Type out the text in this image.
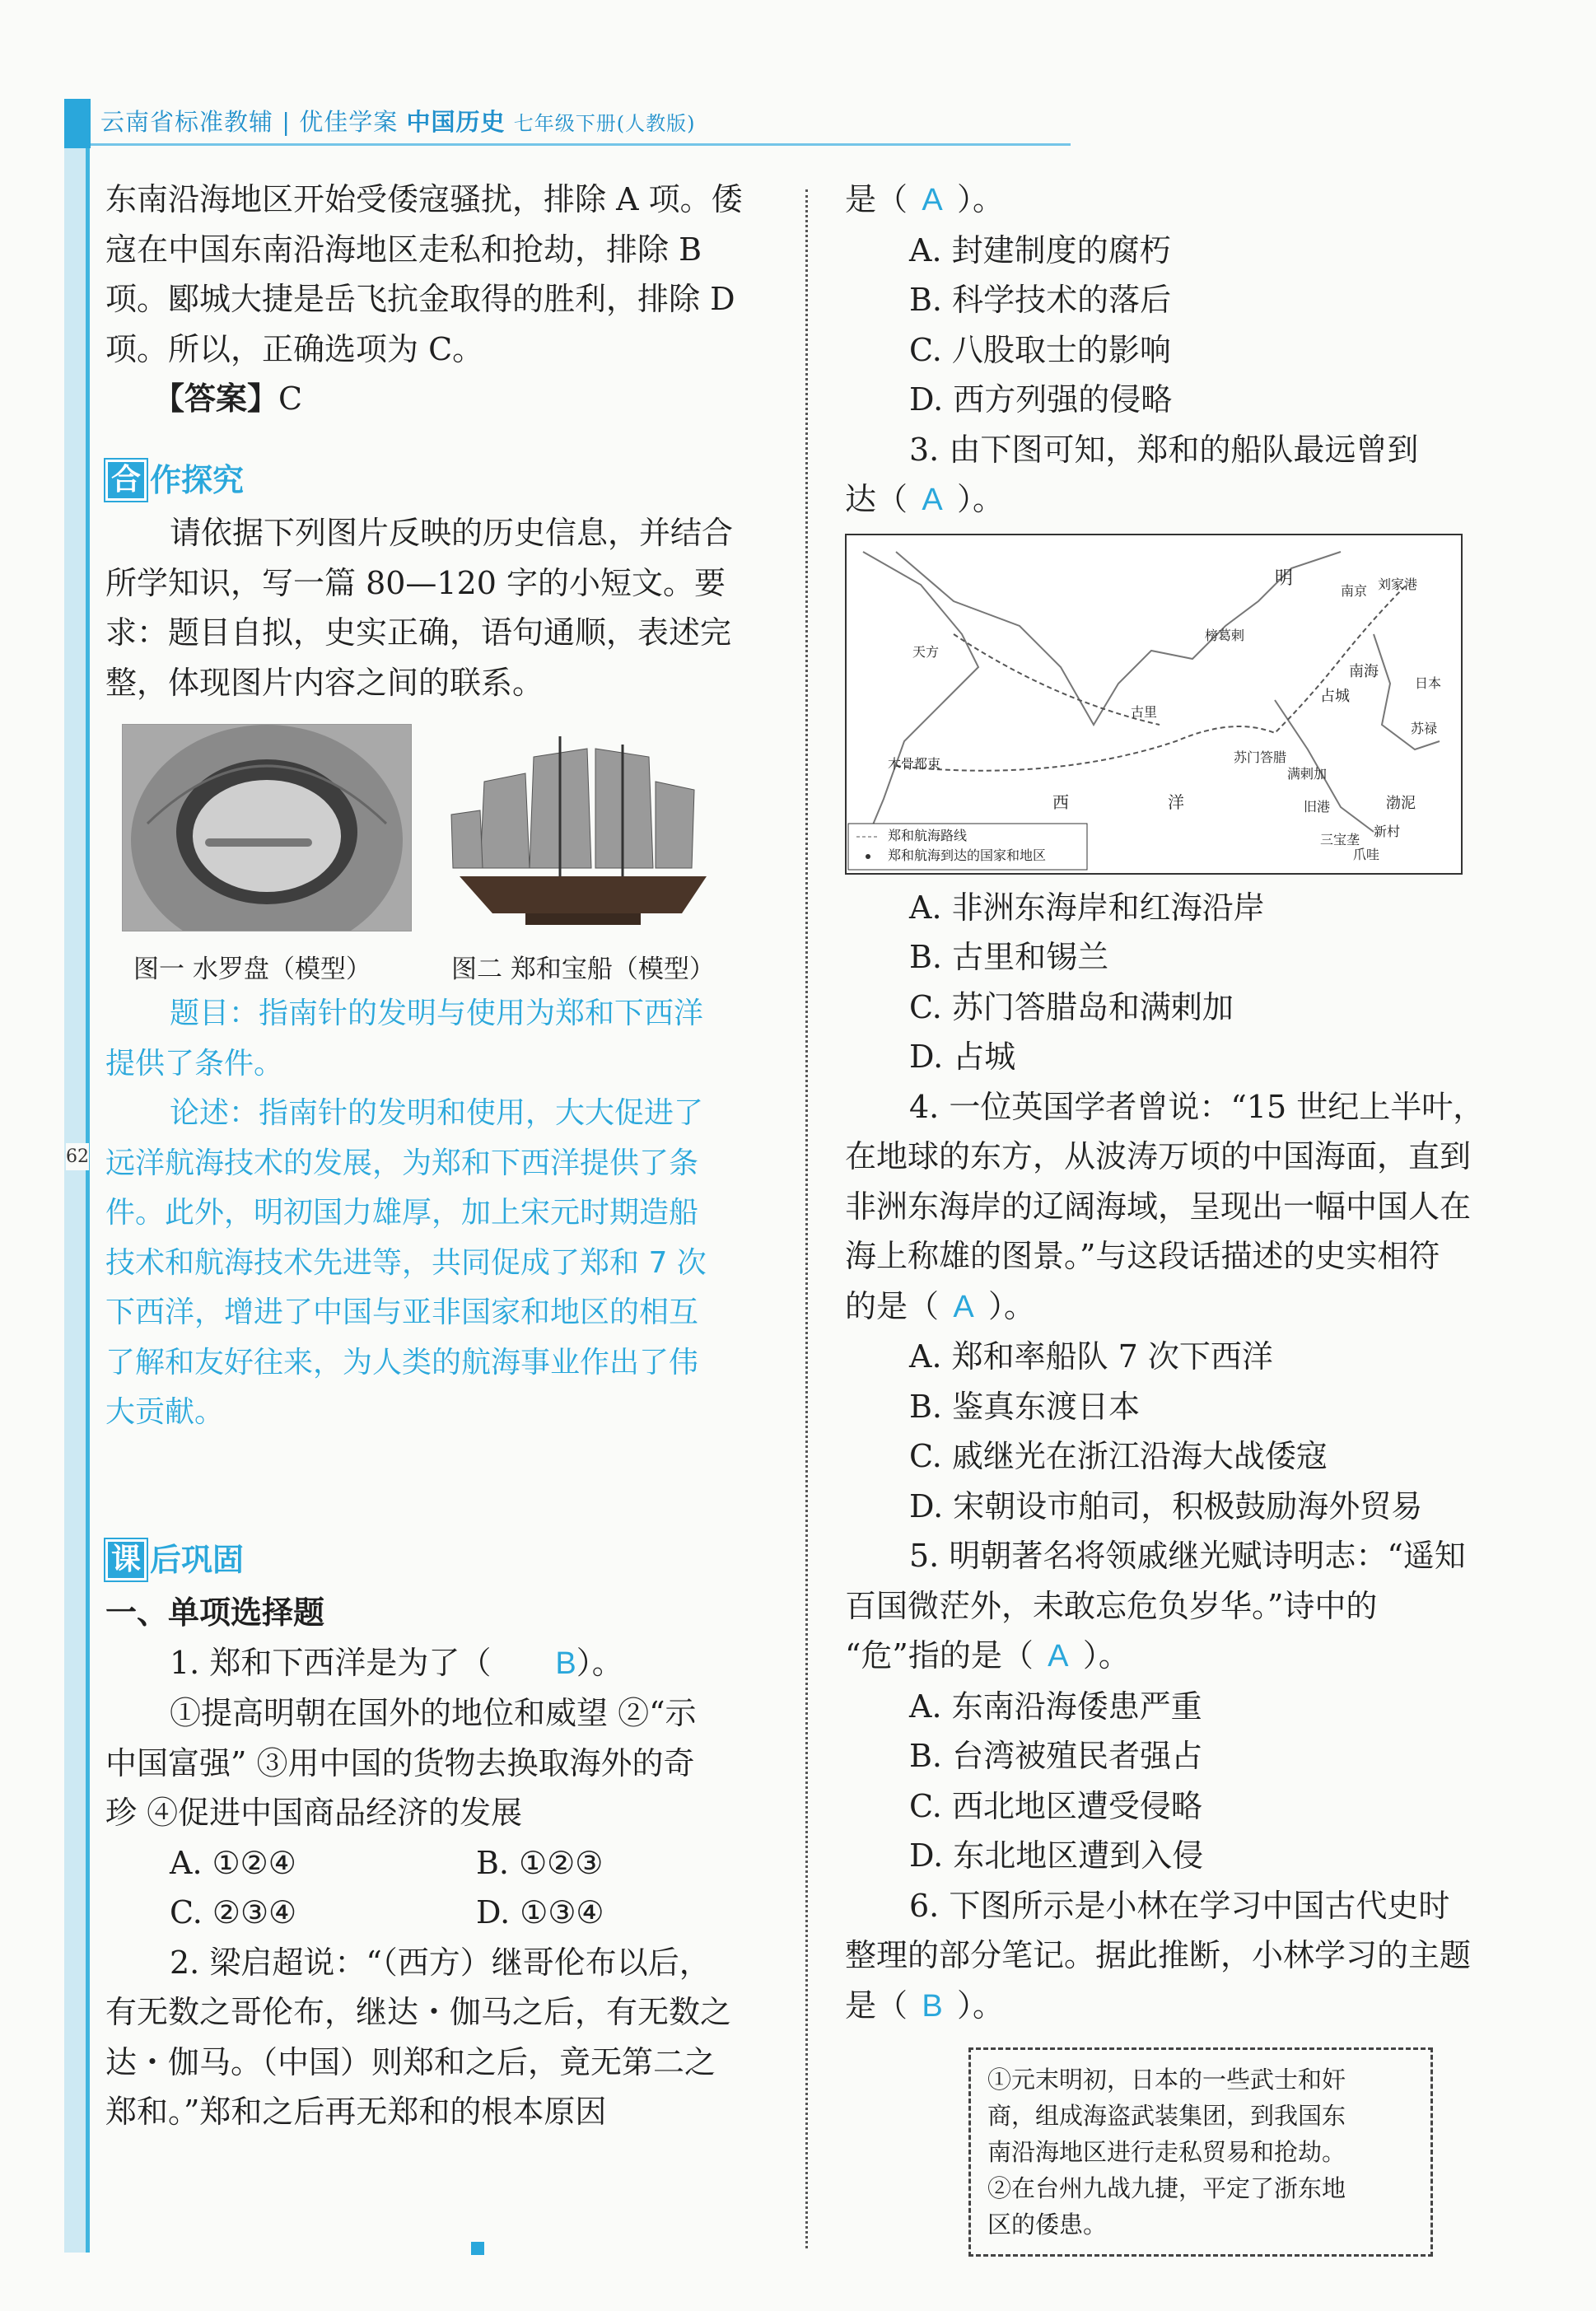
云南省标准教辅 | 优佳学案 中国历史 七年级下册(人教版)
62

东南沿海地区开始受倭寇骚扰，排除 A 项。倭

寇在中国东南沿海地区走私和抢劫，排除 B

项。郾城大捷是岳飞抗金取得的胜利，排除 D

项。所以，正确选项为 C。

【答案】C

合 作探究

请依据下列图片反映的历史信息，并结合

所学知识，写一篇 80—120 字的小短文。要

求：题目自拟，史实正确，语句通顺，表述完

整，体现图片内容之间的联系。

图一 水罗盘（模型）	图二 郑和宝船（模型）

题目：指南针的发明与使用为郑和下西洋

提供了条件。

论述：指南针的发明和使用，大大促进了

远洋航海技术的发展，为郑和下西洋提供了条

件。此外，明初国力雄厚，加上宋元时期造船

技术和航海技术先进等，共同促成了郑和 7 次

下西洋，增进了中国与亚非国家和地区的相互

了解和友好往来，为人类的航海事业作出了伟

大贡献。

课 后巩固

一、单项选择题

1. 郑和下西洋是为了（ B）。

①提高明朝在国外的地位和威望 ②“示

中国富强” ③用中国的货物去换取海外的奇

珍 ④促进中国商品经济的发展

A. ①②④	B. ①②③

C. ②③④	D. ①③④

2. 梁启超说：“（西方）继哥伦布以后，

有无数之哥伦布，继达・伽马之后，有无数之

达・伽马。（中国）则郑和之后，竟无第二之

郑和。”郑和之后再无郑和的根本原因

是（ A ）。

A. 封建制度的腐朽

B. 科学技术的落后

C. 八股取士的影响

D. 西方列强的侵略

3. 由下图可知，郑和的船队最远曾到

达（ A ）。

明
南京 刘家港
天方
古里
榜葛剌
占城
苏门答腊
满剌加
木骨都束
西	洋
南海
日本
渤泥
三宝垄
新村
爪哇
苏禄
旧港
郑和航海路线
郑和航海到达的国家和地区

A. 非洲东海岸和红海沿岸

B. 古里和锡兰

C. 苏门答腊岛和满剌加

D. 占城

4. 一位英国学者曾说：“15 世纪上半叶，

在地球的东方，从波涛万顷的中国海面，直到

非洲东海岸的辽阔海域，呈现出一幅中国人在

海上称雄的图景。”与这段话描述的史实相符

的是（ A ）。

A. 郑和率船队 7 次下西洋

B. 鉴真东渡日本

C. 戚继光在浙江沿海大战倭寇

D. 宋朝设市舶司，积极鼓励海外贸易

5. 明朝著名将领戚继光赋诗明志：“遥知

百国微茫外，未敢忘危负岁华。”诗中的

“危”指的是（ A ）。

A. 东南沿海倭患严重

B. 台湾被殖民者强占

C. 西北地区遭受侵略

D. 东北地区遭到入侵

6. 下图所示是小林在学习中国古代史时

整理的部分笔记。据此推断，小林学习的主题

是（ B ）。

①元末明初，日本的一些武士和奸
商，组成海盗武装集团，到我国东
南沿海地区进行走私贸易和抢劫。
②在台州九战九捷，平定了浙东地
区的倭患。
